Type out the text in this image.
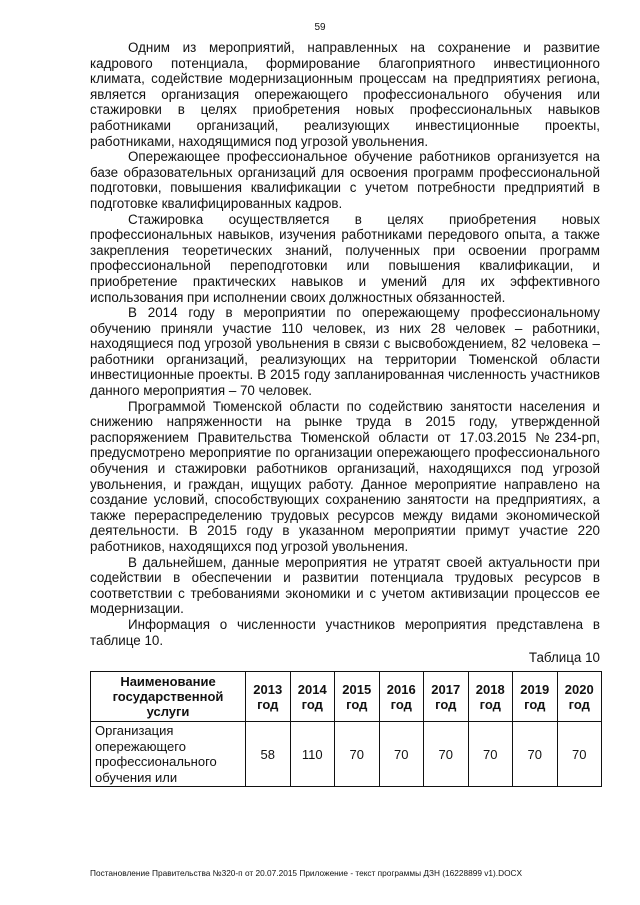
59

Одним из мероприятий, направленных на сохранение и развитие кадрового потенциала, формирование благоприятного инвестиционного климата, содействие модернизационным процессам на предприятиях региона, является организация опережающего профессионального обучения или стажировки в целях приобретения новых профессиональных навыков работниками организаций, реализующих инвестиционные проекты, работниками, находящимися под угрозой увольнения.

Опережающее профессиональное обучение работников организуется на базе образовательных организаций для освоения программ профессиональной подготовки, повышения квалификации с учетом потребности предприятий в подготовке квалифицированных кадров.

Стажировка осуществляется в целях приобретения новых профессиональных навыков, изучения работниками передового опыта, а также закрепления теоретических знаний, полученных при освоении программ профессиональной переподготовки или повышения квалификации, и приобретение практических навыков и умений для их эффективного использования при исполнении своих должностных обязанностей.

В 2014 году в мероприятии по опережающему профессиональному обучению приняли участие 110 человек, из них 28 человек – работники, находящиеся под угрозой увольнения в связи с высвобождением, 82 человека – работники организаций, реализующих на территории Тюменской области инвестиционные проекты. В 2015 году запланированная численность участников данного мероприятия – 70 человек.

Программой Тюменской области по содействию занятости населения и снижению напряженности на рынке труда в 2015 году, утвержденной распоряжением Правительства Тюменской области от 17.03.2015 №234-рп, предусмотрено мероприятие по организации опережающего профессионального обучения и стажировки работников организаций, находящихся под угрозой увольнения, и граждан, ищущих работу. Данное мероприятие направлено на создание условий, способствующих сохранению занятости на предприятиях, а также перераспределению трудовых ресурсов между видами экономической деятельности. В 2015 году в указанном мероприятии примут участие 220 работников, находящихся под угрозой увольнения.

В дальнейшем, данные мероприятия не утратят своей актуальности при содействии в обеспечении и развитии потенциала трудовых ресурсов в соответствии с требованиями экономики и с учетом активизации процессов ее модернизации.

Информация о численности участников мероприятия представлена в таблице 10.

Таблица 10
Наименование государственной услуги	2013 год	2014 год	2015 год	2016 год	2017 год	2018 год	2019 год	2020 год
Организация опережающего профессионального обучения или	58	110	70	70	70	70	70	70
Постановление Правительства №320-п от 20.07.2015 Приложение - текст программы ДЗН (16228899 v1).DOCX
